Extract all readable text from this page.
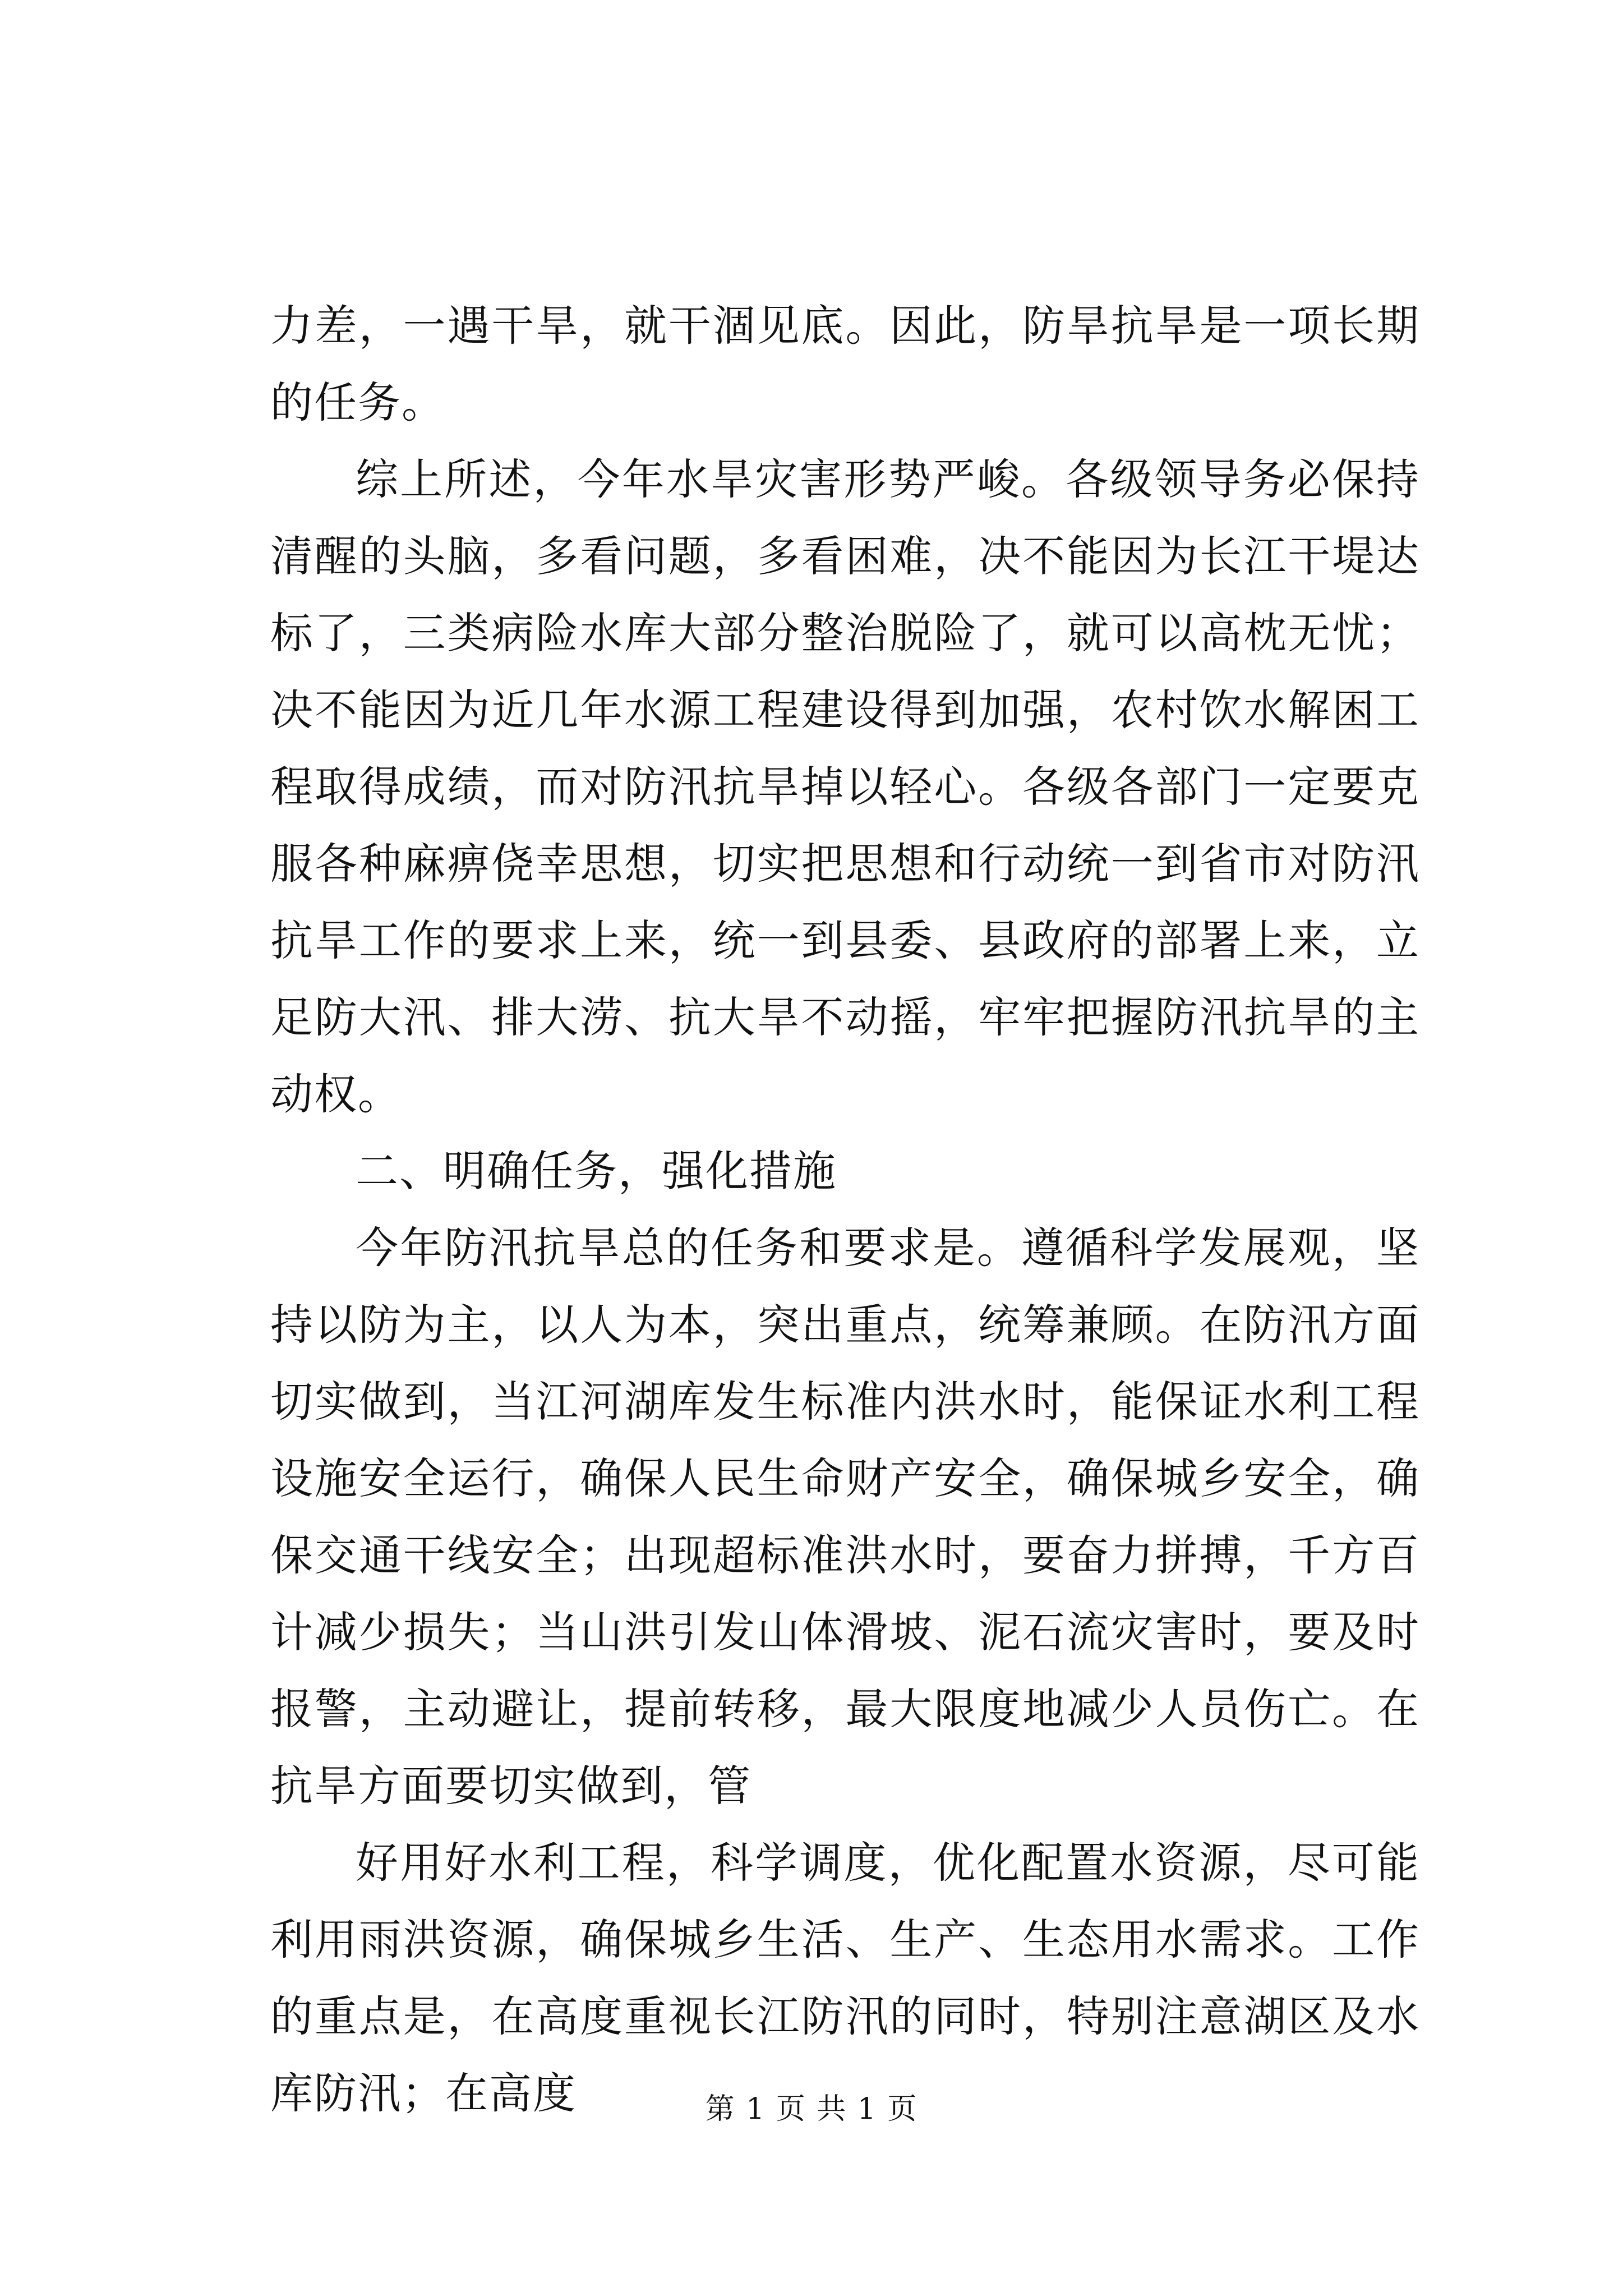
力差，一遇干旱，就干涸见底。因此，防旱抗旱是一项长期的任务。

综上所述，今年水旱灾害形势严峻。各级领导务必保持清醒的头脑，多看问题，多看困难，决不能因为长江干堤达标了，三类病险水库大部分整治脱险了，就可以高枕无忧；决不能因为近几年水源工程建设得到加强，农村饮水解困工程取得成绩，而对防汛抗旱掉以轻心。各级各部门一定要克服各种麻痹侥幸思想，切实把思想和行动统一到省市对防汛抗旱工作的要求上来，统一到县委、县政府的部署上来，立足防大汛、排大涝、抗大旱不动摇，牢牢把握防汛抗旱的主动权。

二、明确任务，强化措施

今年防汛抗旱总的任务和要求是。遵循科学发展观，坚持以防为主，以人为本，突出重点，统筹兼顾。在防汛方面切实做到，当江河湖库发生标准内洪水时，能保证水利工程设施安全运行，确保人民生命财产安全，确保城乡安全，确保交通干线安全；出现超标准洪水时，要奋力拼搏，千方百计减少损失；当山洪引发山体滑坡、泥石流灾害时，要及时报警，主动避让，提前转移，最大限度地减少人员伤亡。在抗旱方面要切实做到，管

好用好水利工程，科学调度，优化配置水资源，尽可能利用雨洪资源，确保城乡生活、生产、生态用水需求。工作的重点是，在高度重视长江防汛的同时，特别注意湖区及水库防汛；在高度	第 1 页 共 1 页
